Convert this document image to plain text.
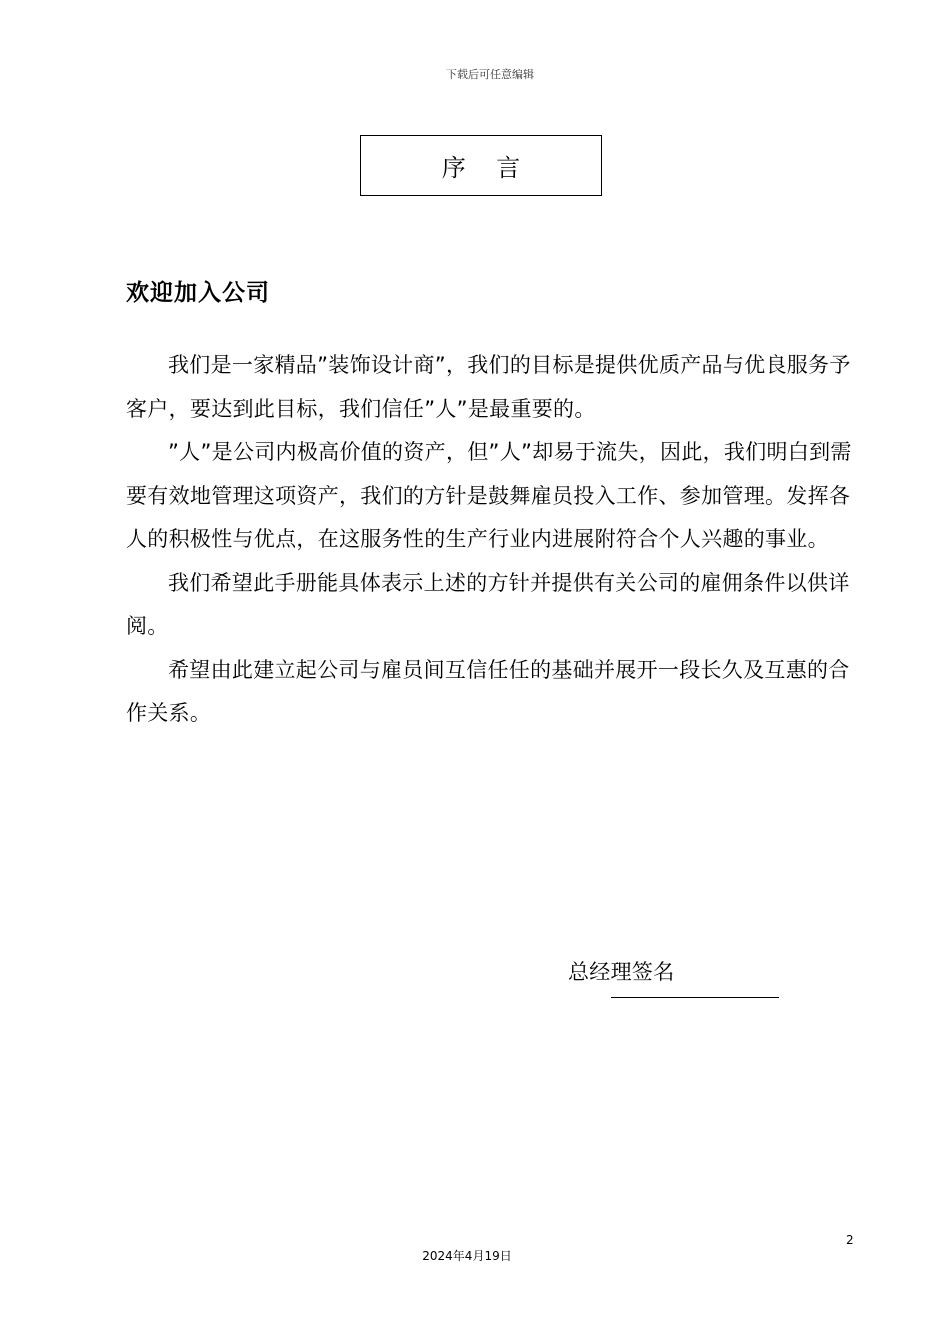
下载后可任意编辑
序    言
欢迎加入公司

我们是一家精品”装饰设计商”，我们的目标是提供优质产品与优良服务予客户，要达到此目标，我们信任”人”是最重要的。

”人”是公司内极高价值的资产，但”人”却易于流失，因此，我们明白到需要有效地管理这项资产，我们的方针是鼓舞雇员投入工作、参加管理。发挥各人的积极性与优点，在这服务性的生产行业内进展附符合个人兴趣的事业。

我们希望此手册能具体表示上述的方针并提供有关公司的雇佣条件以供详阅。

希望由此建立起公司与雇员间互信任任的基础并展开一段长久及互惠的合作关系。

总经理签名
2
2024年4月19日
